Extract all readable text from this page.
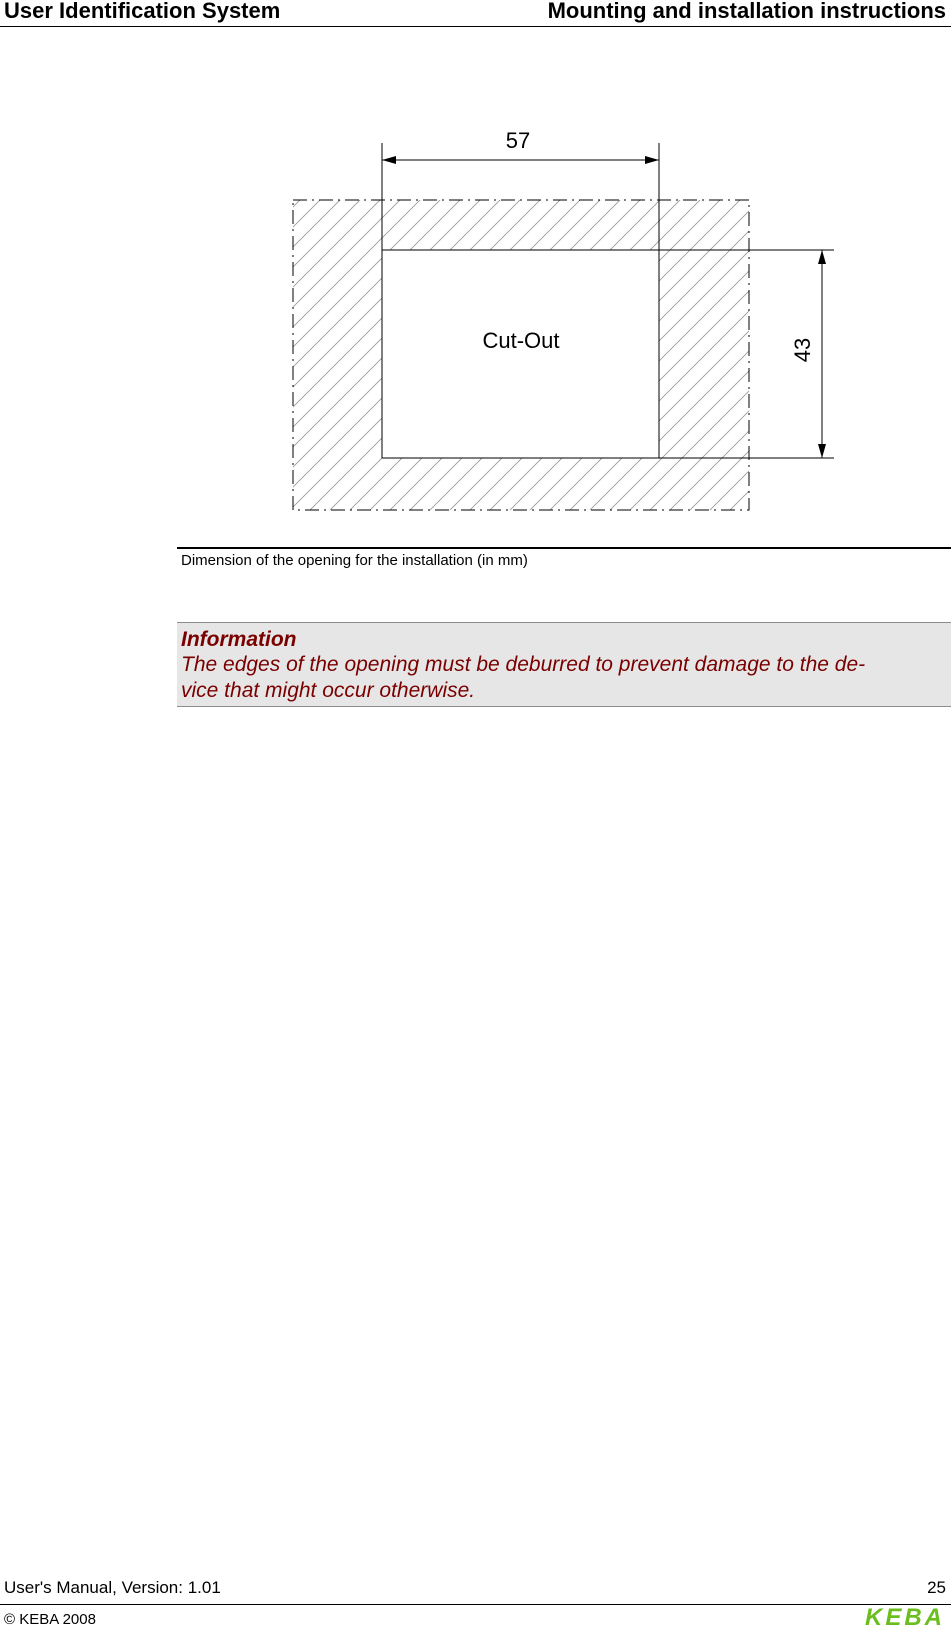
User Identification System	Mounting and installation instructions
57
Cut-Out	43
Dimension of the opening for the installation (in mm)
Information
The edges of the opening must be deburred to prevent damage to the de-
vice that might occur otherwise.
User's Manual, Version: 1.01	25
© KEBA 2008	KEBA
